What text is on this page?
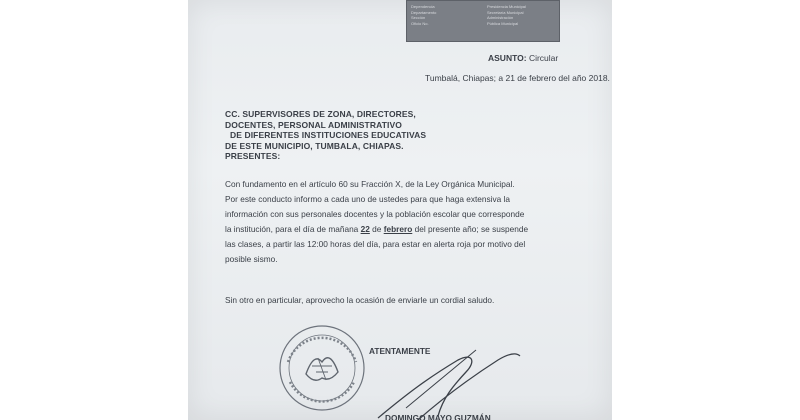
Dependencia
Departamento
Sección
Oficio No.
Presidencia Municipal
Secretaría Municipal
Administración
Pública Municipal
ASUNTO: Circular
Tumbalá, Chiapas; a 21 de febrero del año 2018.
CC. SUPERVISORES DE ZONA, DIRECTORES,
DOCENTES, PERSONAL ADMINISTRATIVO
DE DIFERENTES INSTITUCIONES EDUCATIVAS
DE ESTE MUNICIPIO, TUMBALA, CHIAPAS.
PRESENTES:
Con fundamento en el artículo 60 su Fracción X, de la Ley Orgánica Municipal.
Por este conducto informo a cada uno de ustedes para que haga extensiva la
información con sus personales docentes y la población escolar que corresponde
la institución, para el día de mañana 22 de febrero del presente año; se suspende
las clases, a partir las 12:00 horas del día, para estar en alerta roja por motivo del
posible sismo.
Sin otro en particular, aprovecho la ocasión de enviarle un cordial saludo.
ATENTAMENTE
DOMINGO MAYO GUZMÁN
